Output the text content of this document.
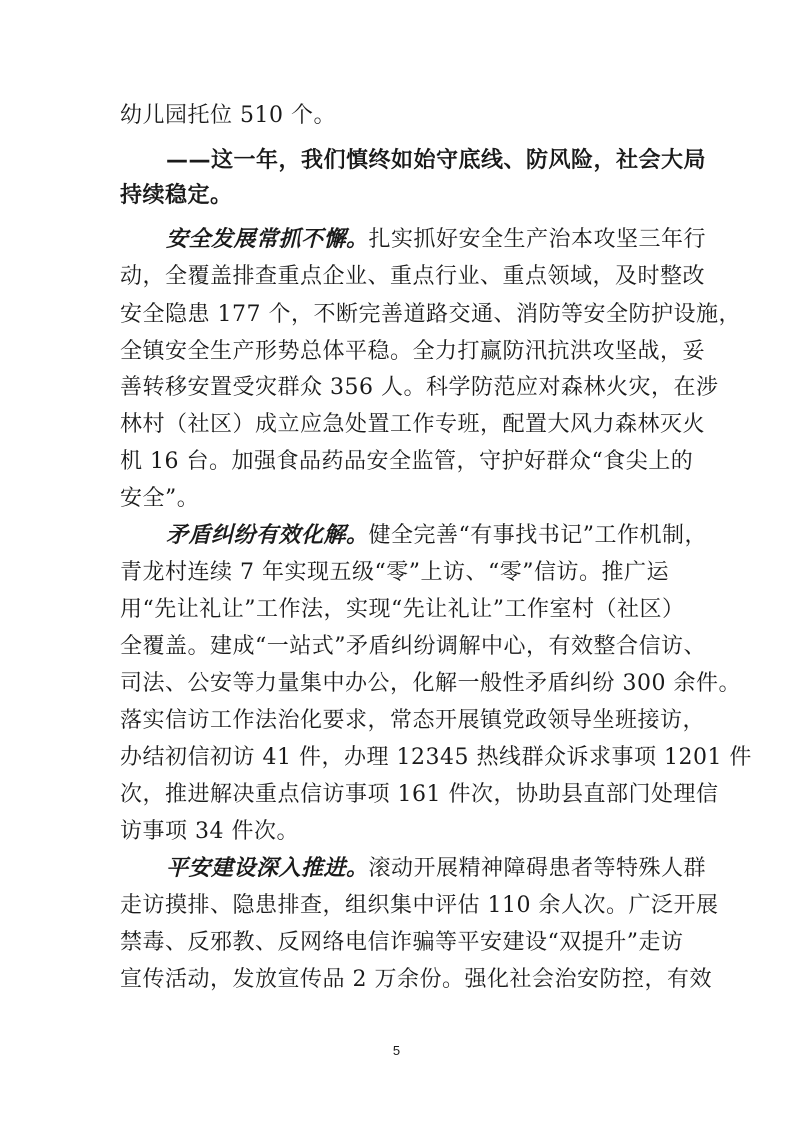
幼儿园托位 510 个。
——这一年，我们慎终如始守底线、防风险，社会大局
持续稳定。
安全发展常抓不懈。扎实抓好安全生产治本攻坚三年行
动，全覆盖排查重点企业、重点行业、重点领域，及时整改
安全隐患 177 个，不断完善道路交通、消防等安全防护设施，
全镇安全生产形势总体平稳。全力打赢防汛抗洪攻坚战，妥
善转移安置受灾群众 356 人。科学防范应对森林火灾，在涉
林村（社区）成立应急处置工作专班，配置大风力森林灭火
机 16 台。加强食品药品安全监管，守护好群众“食尖上的
安全”。
矛盾纠纷有效化解。健全完善“有事找书记”工作机制，
青龙村连续 7 年实现五级“零”上访、“零”信访。推广运
用“先让礼让”工作法，实现“先让礼让”工作室村（社区）
全覆盖。建成“一站式”矛盾纠纷调解中心，有效整合信访、
司法、公安等力量集中办公，化解一般性矛盾纠纷 300 余件。
落实信访工作法治化要求，常态开展镇党政领导坐班接访，
办结初信初访 41 件，办理 12345 热线群众诉求事项 1201 件
次，推进解决重点信访事项 161 件次，协助县直部门处理信
访事项 34 件次。
平安建设深入推进。滚动开展精神障碍患者等特殊人群
走访摸排、隐患排查，组织集中评估 110 余人次。广泛开展
禁毒、反邪教、反网络电信诈骗等平安建设“双提升”走访
宣传活动，发放宣传品 2 万余份。强化社会治安防控，有效
5
